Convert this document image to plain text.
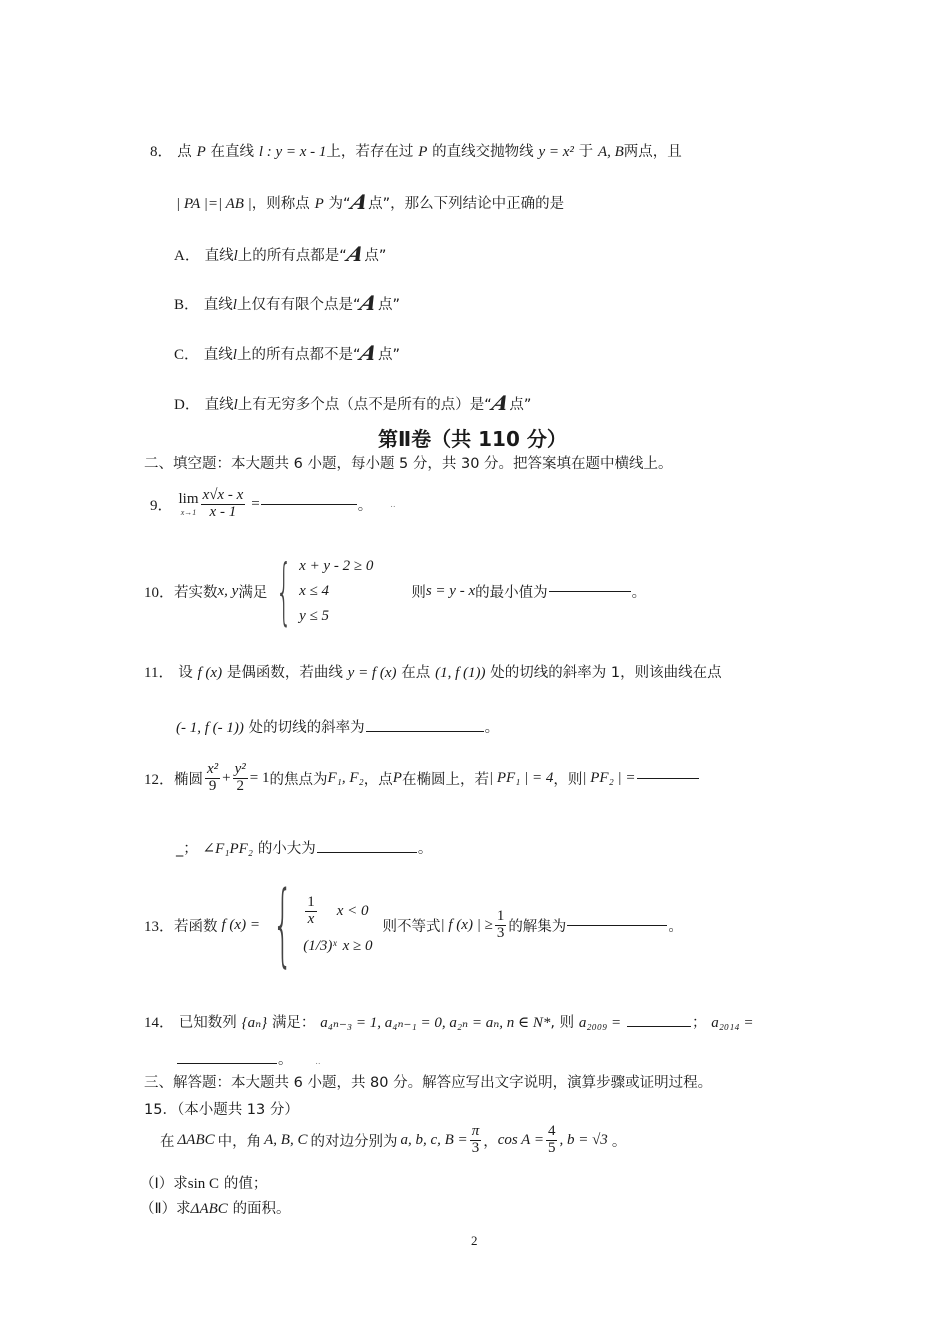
8． 点 P 在直线 l : y = x - 1上，若存在过 P 的直线交抛物线 y = x² 于 A, B两点，且
| PA |=| AB |，则称点 P 为“A点”，那么下列结论中正确的是
A． 直线l上的所有点都是“A点”
B． 直线l上仅有有限个点是“A点”
C． 直线l上的所有点都不是“A点”
D． 直线l上有无穷多个点（点不是所有的点）是“A点”
第Ⅱ卷（共 110 分）
二、填空题：本大题共 6 小题，每小题 5 分，共 30 分。把答案填在题中横线上。
9． lim
$x\to 1 \frac{x√x - x}{x - 1}$ =	。 ‥
10． 若实数 x, y 满足 { x + y - 2 ≥ 0
x ≤ 4
y ≤ 5
则 s = y - x 的最小值为	。
11． 设 f (x) 是偶函数，若曲线 y = f (x) 在点 (1, f (1)) 处的切线的斜率为 1，则该曲线在点
(- 1, f (- 1)) 处的切线的斜率为	。
12． 椭圆 $\frac{\text{x²}}{9} + \frac{\text{y²}}{2} = 1$ 的焦点为 F₁, F₂ ，点 P 在椭圆上，若 | PF₁ | = 4 ，则 | PF₂ | =
_； ∠F₁PF₂ 的小大为	。
13． 若函数 f (x) = { $\frac{1}{x}$ x < 0
(1/3)ˣ x ≥ 0
则不等式 | f (x) | ≥ $\frac{1}{3}$ 的解集为	。
14． 已知数列 {aₙ} 满足： a₄ₙ₋₃ = 1, a₄ₙ₋₁ = 0, a₂ₙ = aₙ, n ∈ N*, 则 a₂₀₀₉ =	； a₂₀₁₄ =
。	‥
三、解答题：本大题共 6 小题，共 80 分。解答应写出文字说明，演算步骤或证明过程。
15．（本小题共 13 分）
在 ΔABC 中，角 A, B, C 的对边分别为 a, b, c, $B = \frac{\pi}{3}$ ， $\cos A = \frac{4}{5}$ , b = √3 。
（I）求sin C 的值；
（Ⅱ）求ΔABC 的面积。
2
